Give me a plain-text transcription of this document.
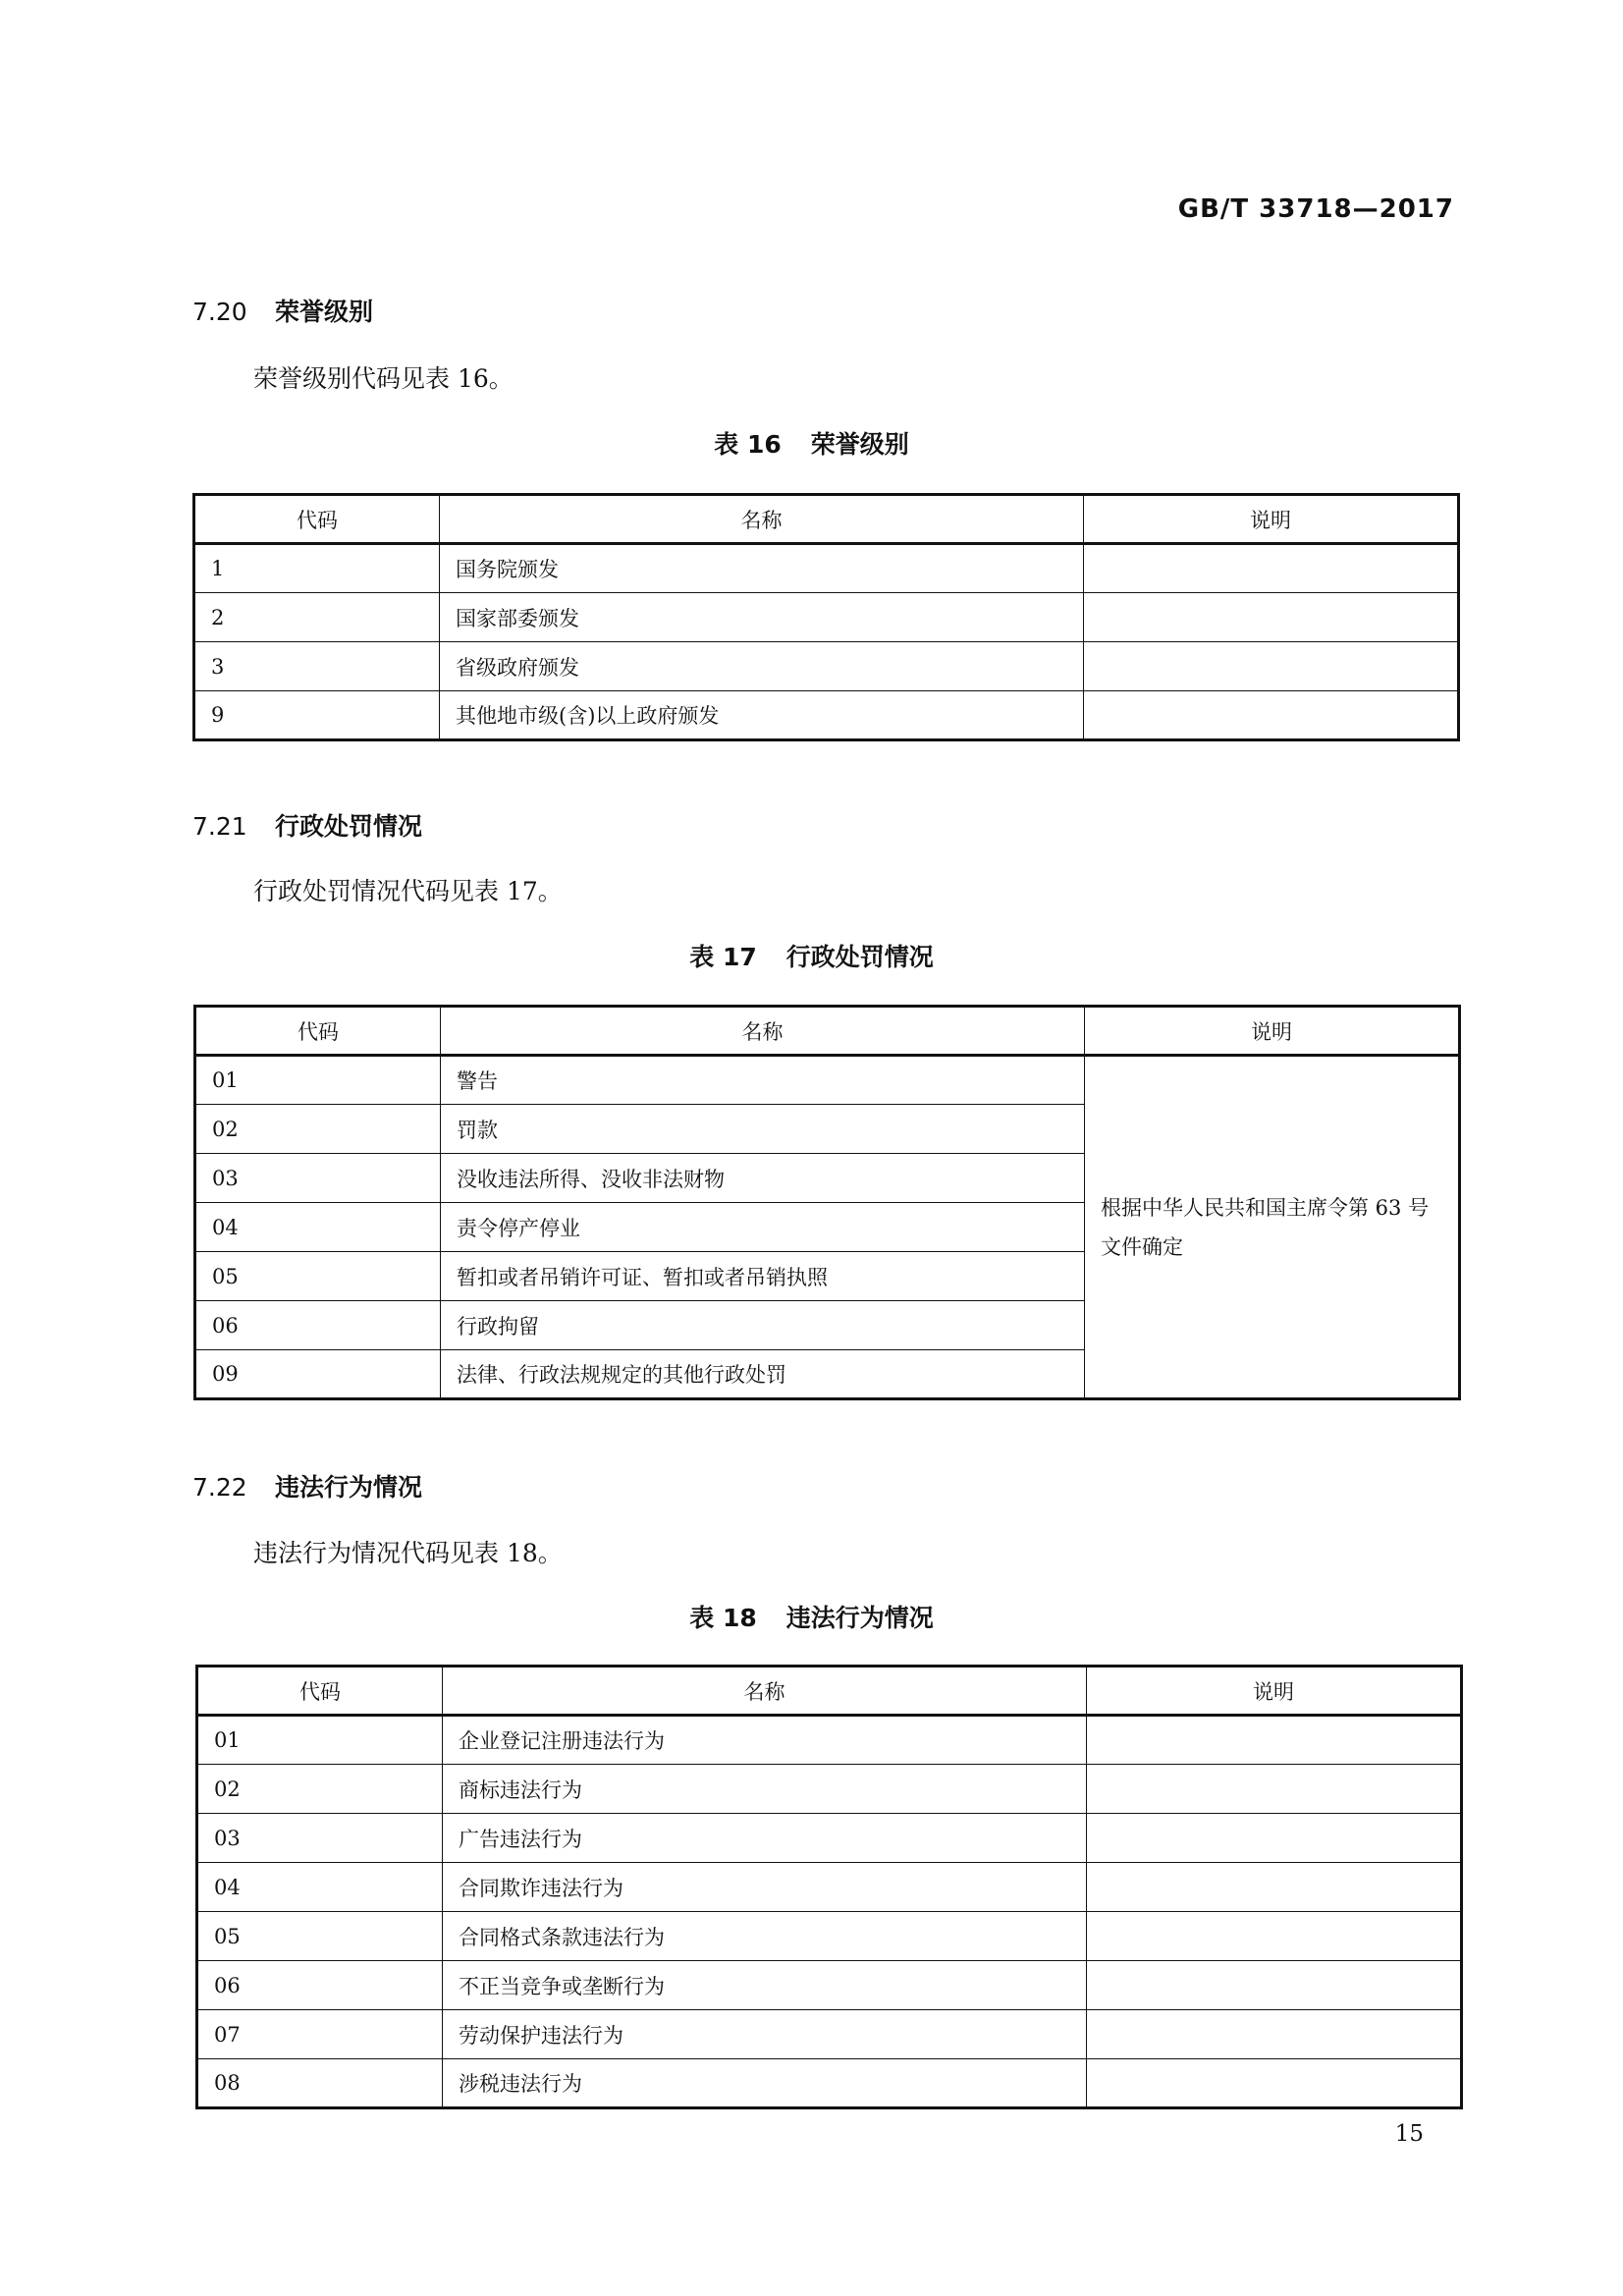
GB/T 33718—2017
7.20 荣誉级别
荣誉级别代码见表 16。
表 16 荣誉级别
代码	名称	说明
1	国务院颁发	
2	国家部委颁发	
3	省级政府颁发	
9	其他地市级(含)以上政府颁发	
7.21 行政处罚情况
行政处罚情况代码见表 17。
表 17 行政处罚情况
代码	名称	说明
01	警告	根据中华人民共和国主席令第 63 号文件确定
02	罚款	
03	没收违法所得、没收非法财物	
04	责令停产停业	
05	暂扣或者吊销许可证、暂扣或者吊销执照	
06	行政拘留	
09	法律、行政法规规定的其他行政处罚	
7.22 违法行为情况
违法行为情况代码见表 18。
表 18 违法行为情况
代码	名称	说明
01	企业登记注册违法行为	
02	商标违法行为	
03	广告违法行为	
04	合同欺诈违法行为	
05	合同格式条款违法行为	
06	不正当竞争或垄断行为	
07	劳动保护违法行为	
08	涉税违法行为	
15
